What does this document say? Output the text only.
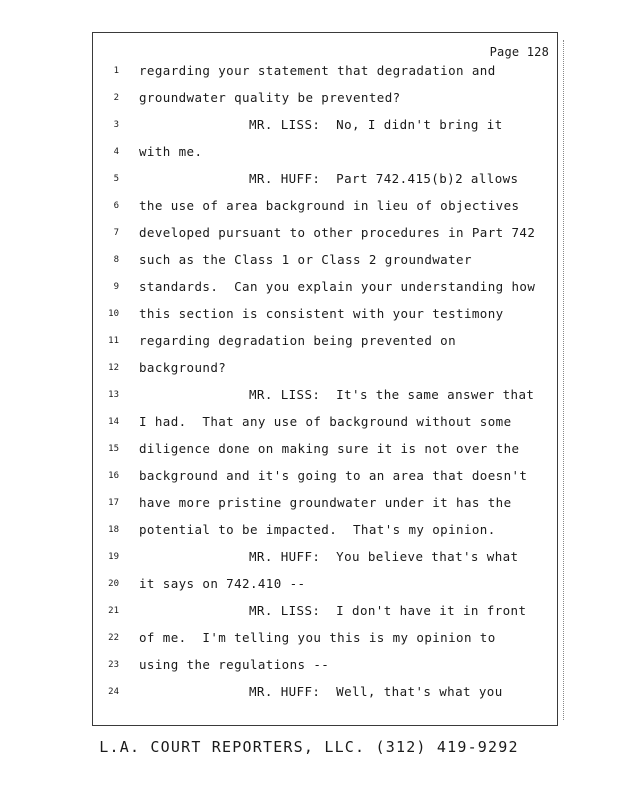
Page 128
1 regarding your statement that degradation and
2 groundwater quality be prevented?
3	MR. LISS:  No, I didn't bring it
4 with me.
5	MR. HUFF:  Part 742.415(b)2 allows
6 the use of area background in lieu of objectives
7 developed pursuant to other procedures in Part 742
8 such as the Class 1 or Class 2 groundwater
9 standards.  Can you explain your understanding how
10 this section is consistent with your testimony
11 regarding degradation being prevented on
12 background?
13	MR. LISS:  It's the same answer that
14 I had.  That any use of background without some
15 diligence done on making sure it is not over the
16 background and it's going to an area that doesn't
17 have more pristine groundwater under it has the
18 potential to be impacted.  That's my opinion.
19	MR. HUFF:  You believe that's what
20 it says on 742.410 --
21	MR. LISS:  I don't have it in front
22 of me.  I'm telling you this is my opinion to
23 using the regulations --
24	MR. HUFF:  Well, that's what you
L.A. COURT REPORTERS, LLC. (312) 419-9292
